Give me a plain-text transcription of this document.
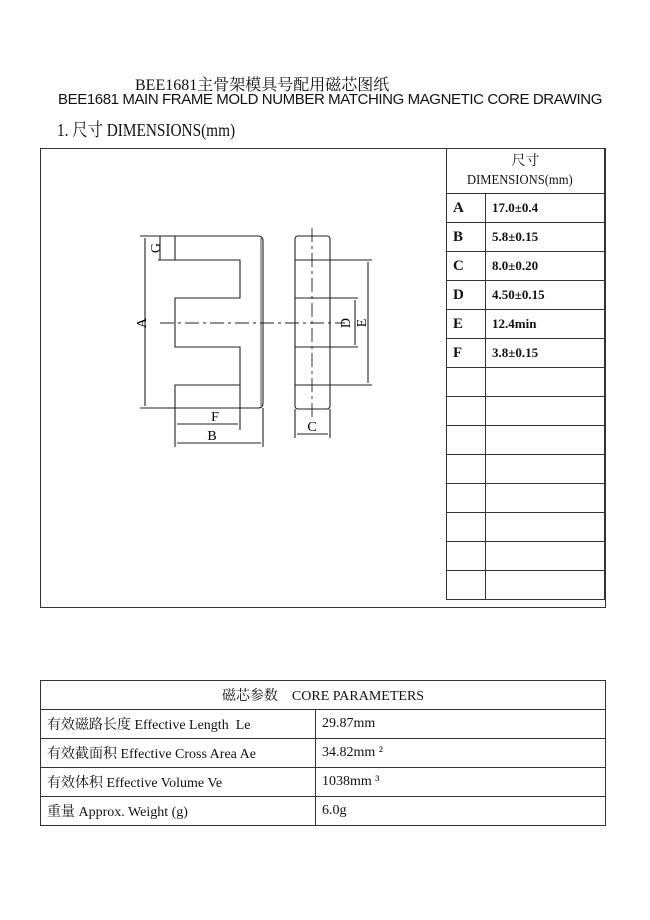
BEE1681主骨架模具号配用磁芯图纸
BEE1681 MAIN FRAME MOLD NUMBER MATCHING MAGNETIC CORE DRAWING
1. 尺寸 DIMENSIONS(mm)
A
G
F
B
C
D E
尺寸
DIMENSIONS(mm)	
A	17.0±0.4
B	5.8±0.15
C	8.0±0.20
D	4.50±0.15
E	12.4min
F	3.8±0.15

磁芯参数    CORE PARAMETERS	
有效磁路长度 Effective Length  Le	29.87mm
有效截面积 Effective Cross Area Ae	34.82mm ²
有效体积 Effective Volume Ve	1038mm ³
重量 Approx. Weight (g)	6.0g
